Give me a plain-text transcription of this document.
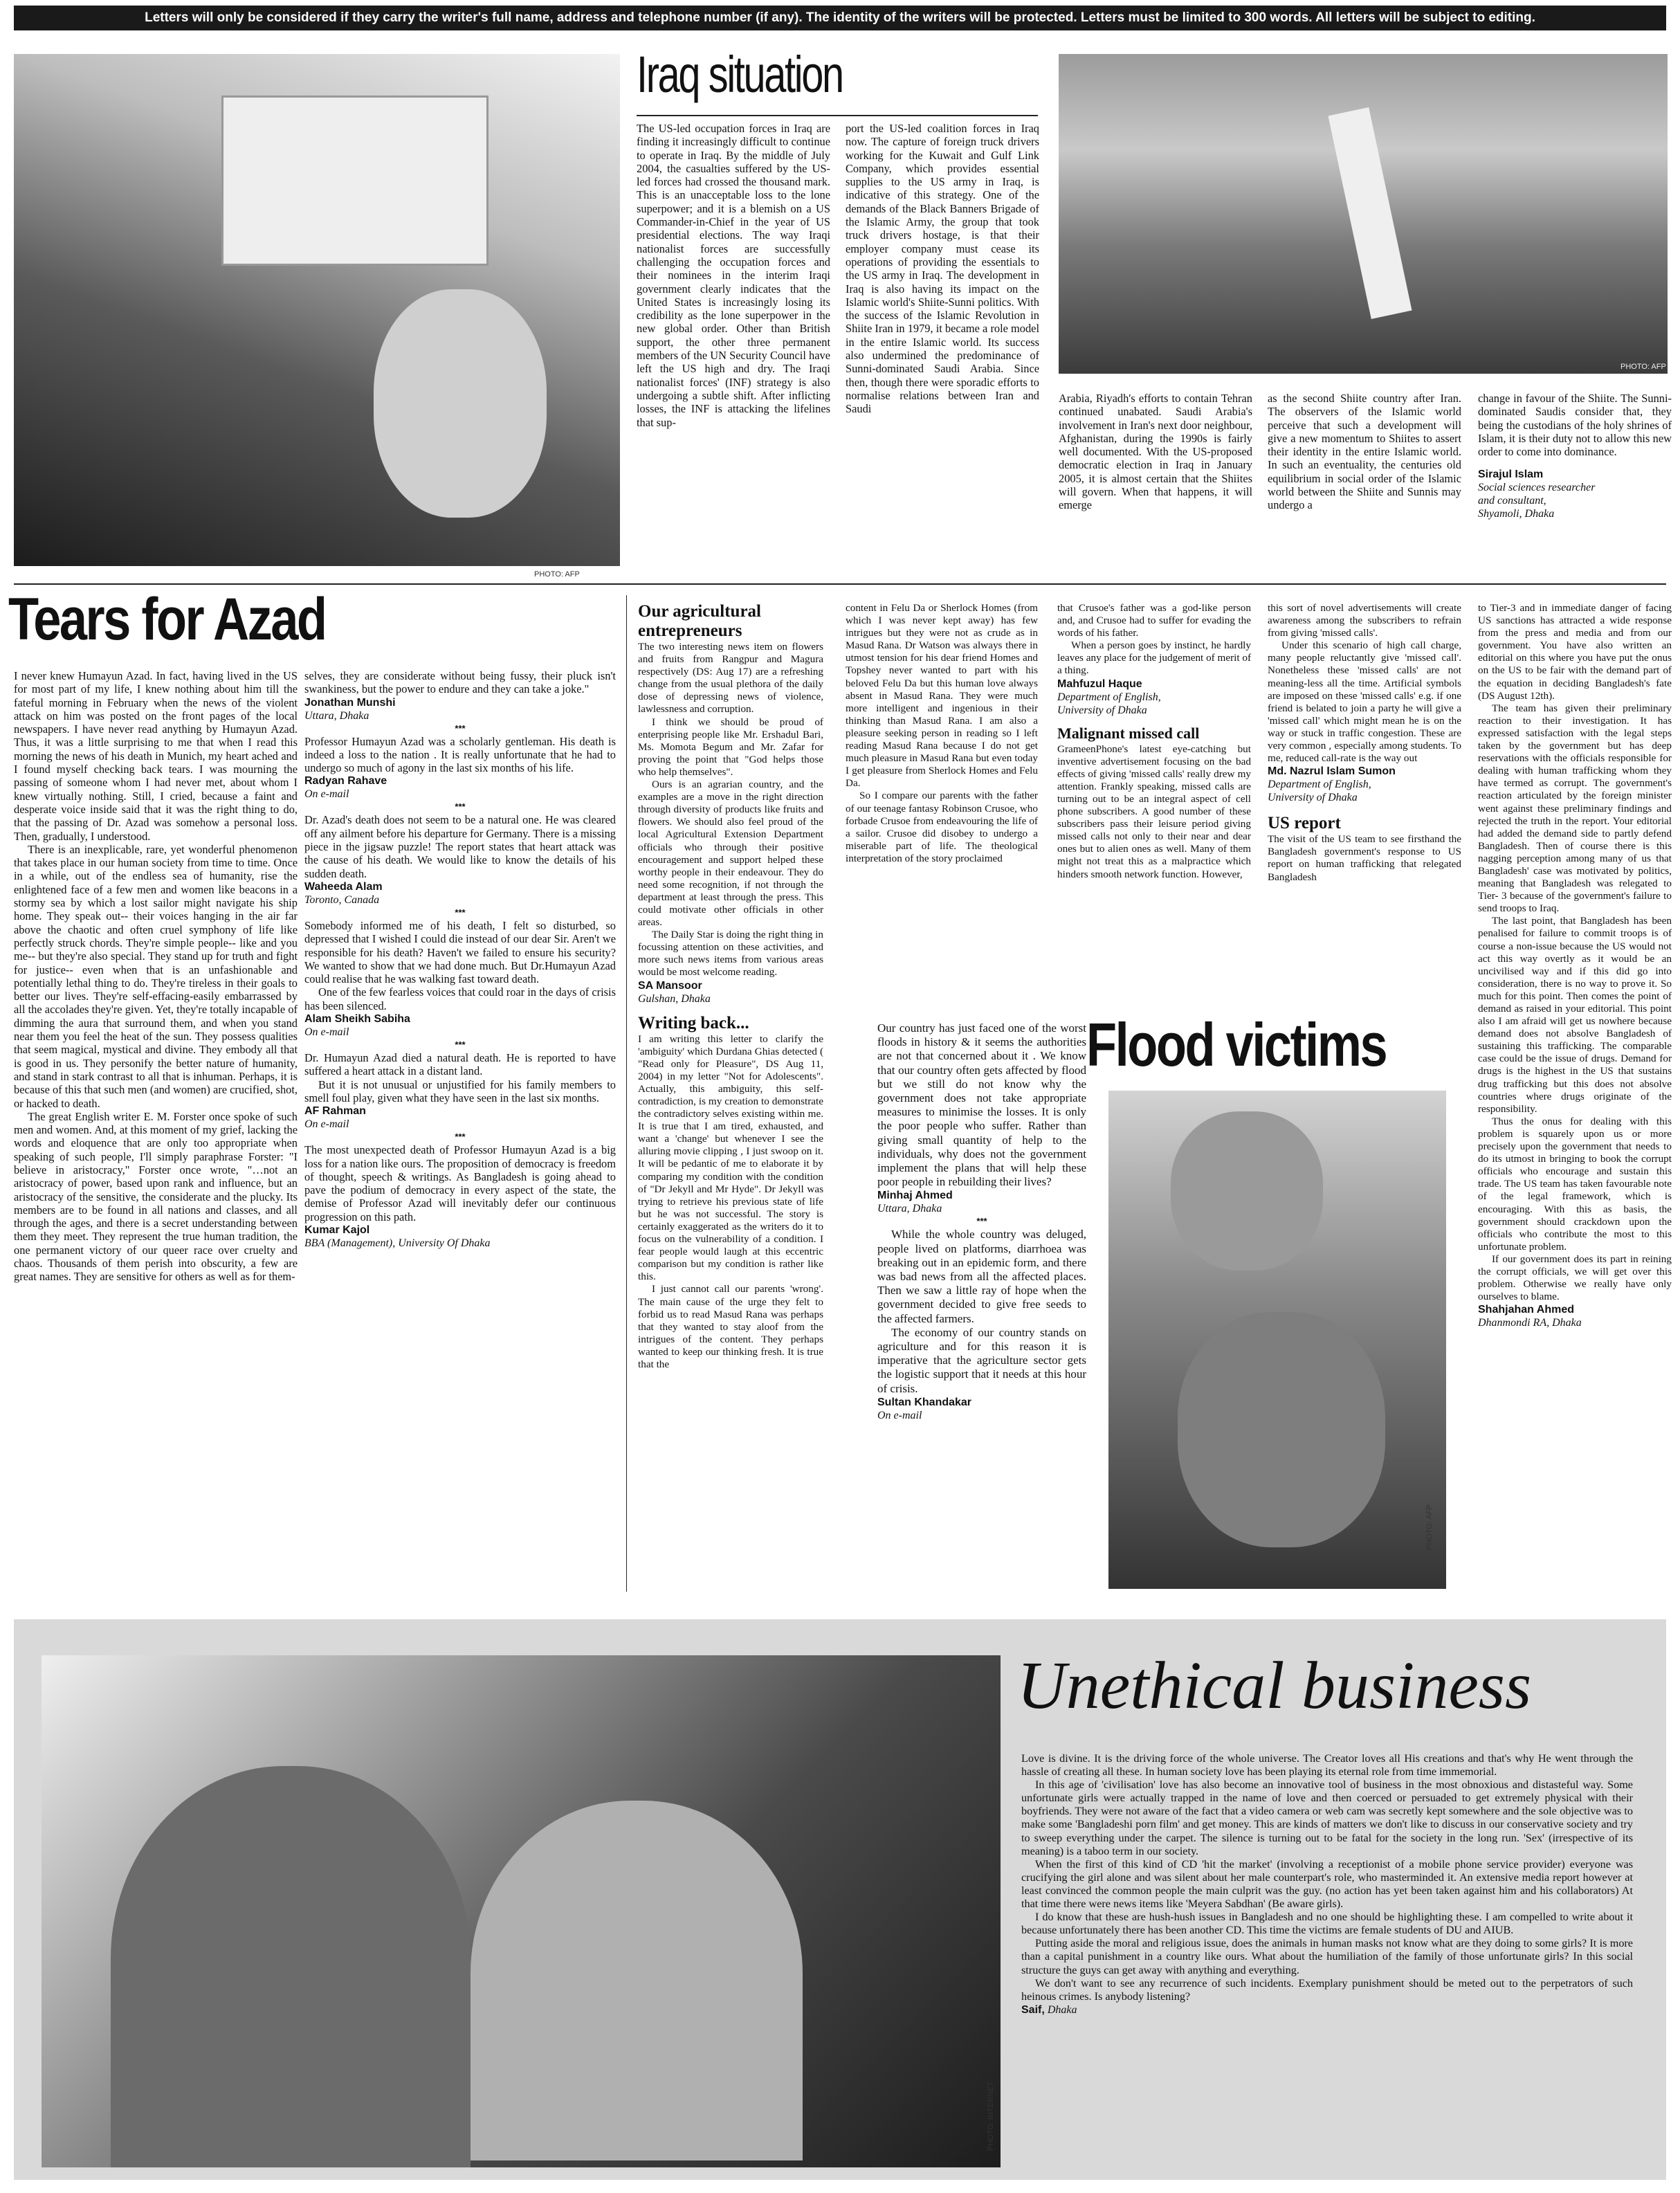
Letters will only be considered if they carry the writer's full name, address and telephone number (if any). The identity of the writers will be protected. Letters must be limited to 300 words. All letters will be subject to editing.
PHOTO: AFP
Iraq situation
PHOTO: AFP

The US-led occupation forces in Iraq are finding it increasingly difficult to continue to operate in Iraq. By the middle of July 2004, the casualties suffered by the US-led forces had crossed the thousand mark. This is an unacceptable loss to the lone superpower; and it is a blemish on a US Commander-in-Chief in the year of US presidential elections. The way Iraqi nationalist forces are successfully challenging the occupation forces and their nominees in the interim Iraqi government clearly indicates that the United States is increasingly losing its credibility as the lone superpower in the new global order. Other than British support, the other three permanent members of the UN Security Council have left the US high and dry. The Iraqi nationalist forces' (INF) strategy is also undergoing a subtle shift. After inflicting losses, the INF is attacking the lifelines that sup-

port the US-led coalition forces in Iraq now. The capture of foreign truck drivers working for the Kuwait and Gulf Link Company, which provides essential supplies to the US army in Iraq, is indicative of this strategy. One of the demands of the Black Banners Brigade of the Islamic Army, the group that took truck drivers hostage, is that their employer company must cease its operations of providing the essentials to the US army in Iraq. The development in Iraq is also having its impact on the Islamic world's Shiite-Sunni politics. With the success of the Islamic Revolution in Shiite Iran in 1979, it became a role model in the entire Islamic world. Its success also undermined the predominance of Sunni-dominated Saudi Arabia. Since then, though there were sporadic efforts to normalise relations between Iran and Saudi

Arabia, Riyadh's efforts to contain Tehran continued unabated. Saudi Arabia's involvement in Iran's next door neighbour, Afghanistan, during the 1990s is fairly well documented. With the US-proposed democratic election in Iraq in January 2005, it is almost certain that the Shiites will govern. When that happens, it will emerge

as the second Shiite country after Iran. The observers of the Islamic world perceive that such a development will give a new momentum to Shiites to assert their identity in the entire Islamic world. In such an eventuality, the centuries old equilibrium in social order of the Islamic world between the Shiite and Sunnis may undergo a

change in favour of the Shiite. The Sunni-dominated Saudis consider that, they being the custodians of the holy shrines of Islam, it is their duty not to allow this new order to come into dominance.

Sirajul Islam
Social sciences researcher
and consultant,
Shyamoli, Dhaka
Tears for Azad

I never knew Humayun Azad. In fact, having lived in the US for most part of my life, I knew nothing about him till the fateful morning in February when the news of the violent attack on him was posted on the front pages of the local newspapers. I have never read anything by Humayun Azad. Thus, it was a little surprising to me that when I read this morning the news of his death in Munich, my heart ached and I found myself checking back tears. I was mourning the passing of someone whom I had never met, about whom I knew virtually nothing. Still, I cried, because a faint and desperate voice inside said that it was the right thing to do, that the passing of Dr. Azad was somehow a personal loss. Then, gradually, I understood.

There is an inexplicable, rare, yet wonderful phenomenon that takes place in our human society from time to time. Once in a while, out of the endless sea of humanity, rise the enlightened face of a few men and women like beacons in a stormy sea by which a lost sailor might navigate his ship home. They speak out-- their voices hanging in the air far above the chaotic and often cruel symphony of life like perfectly struck chords. They're simple people-- like and you me-- but they're also special. They stand up for truth and fight for justice-- even when that is an unfashionable and potentially lethal thing to do. They're tireless in their goals to better our lives. They're self-effacing-easily embarrassed by all the accolades they're given. Yet, they're totally incapable of dimming the aura that surround them, and when you stand near them you feel the heat of the sun. They possess qualities that seem magical, mystical and divine. They embody all that is good in us. They personify the better nature of humanity, and stand in stark contrast to all that is inhuman. Perhaps, it is because of this that such men (and women) are crucified, shot, or hacked to death.

The great English writer E. M. Forster once spoke of such men and women. And, at this moment of my grief, lacking the words and eloquence that are only too appropriate when speaking of such people, I'll simply paraphrase Forster: "I believe in aristocracy," Forster once wrote, "…not an aristocracy of power, based upon rank and influence, but an aristocracy of the sensitive, the considerate and the plucky. Its members are to be found in all nations and classes, and all through the ages, and there is a secret understanding between them they meet. They represent the true human tradition, the one permanent victory of our queer race over cruelty and chaos. Thousands of them perish into obscurity, a few are great names. They are sensitive for others as well as for them-

selves, they are considerate without being fussy, their pluck isn't swankiness, but the power to endure and they can take a joke."

Jonathan Munshi
Uttara, Dhaka
***

Professor Humayun Azad was a scholarly gentleman. His death is indeed a loss to the nation . It is really unfortunate that he had to undergo so much of agony in the last six months of his life.

Radyan Rahave
On e-mail
***

Dr. Azad's death does not seem to be a natural one. He was cleared off any ailment before his departure for Germany. There is a missing piece in the jigsaw puzzle! The report states that heart attack was the cause of his death. We would like to know the details of his sudden death.

Waheeda Alam
Toronto, Canada
***

Somebody informed me of his death, I felt so disturbed, so depressed that I wished I could die instead of our dear Sir. Aren't we responsible for his death? Haven't we failed to ensure his security? We wanted to show that we had done much. But Dr.Humayun Azad could realise that he was walking fast toward death.

One of the few fearless voices that could roar in the days of crisis has been silenced.

Alam Sheikh Sabiha
On e-mail
***

Dr. Humayun Azad died a natural death. He is reported to have suffered a heart attack in a distant land.

But it is not unusual or unjustified for his family members to smell foul play, given what they have seen in the last six months.

AF Rahman
On e-mail
***

The most unexpected death of Professor Humayun Azad is a big loss for a nation like ours. The proposition of democracy is freedom of thought, speech & writings. As Bangladesh is going ahead to pave the podium of democracy in every aspect of the state, the demise of Professor Azad will inevitably defer our continuous progression on this path.

Kumar Kajol
BBA (Management), University Of Dhaka
Our agricultural
entrepreneurs

The two interesting news item on flowers and fruits from Rangpur and Magura respectively (DS: Aug 17) are a refreshing change from the usual plethora of the daily dose of depressing news of violence, lawlessness and corruption.

I think we should be proud of enterprising people like Mr. Ershadul Bari, Ms. Momota Begum and Mr. Zafar for proving the point that "God helps those who help themselves".

Ours is an agrarian country, and the examples are a move in the right direction through diversity of products like fruits and flowers. We should also feel proud of the local Agricultural Extension Department officials who through their positive encouragement and support helped these worthy people in their endeavour. They do need some recognition, if not through the department at least through the press. This could motivate other officials in other areas.

The Daily Star is doing the right thing in focussing attention on these activities, and more such news items from various areas would be most welcome reading.

SA Mansoor
Gulshan, Dhaka
Writing back...

I am writing this letter to clarify the 'ambiguity' which Durdana Ghias detected ( "Read only for Pleasure", DS Aug 11, 2004) in my letter "Not for Adolescents". Actually, this ambiguity, this self- contradiction, is my creation to demonstrate the contradictory selves existing within me. It is true that I am tired, exhausted, and want a 'change' but whenever I see the alluring movie clipping , I just swoop on it. It will be pedantic of me to elaborate it by comparing my condition with the condition of "Dr Jekyll and Mr Hyde". Dr Jekyll was trying to retrieve his previous state of life but he was not successful. The story is certainly exaggerated as the writers do it to focus on the vulnerability of a condition. I fear people would laugh at this eccentric comparison but my condition is rather like this.

I just cannot call our parents 'wrong'. The main cause of the urge they felt to forbid us to read Masud Rana was perhaps that they wanted to stay aloof from the intrigues of the content. They perhaps wanted to keep our thinking fresh. It is true that the

content in Felu Da or Sherlock Homes (from which I was never kept away) has few intrigues but they were not as crude as in Masud Rana. Dr Watson was always there in utmost tension for his dear friend Homes and Topshey never wanted to part with his beloved Felu Da but this human love always absent in Masud Rana. They were much more intelligent and ingenious in their thinking than Masud Rana. I am also a pleasure seeking person in reading so I left reading Masud Rana because I do not get much pleasure in Masud Rana but even today I get pleasure from Sherlock Homes and Felu Da.

So I compare our parents with the father of our teenage fantasy Robinson Crusoe, who forbade Crusoe from endeavouring the life of a sailor. Crusoe did disobey to undergo a miserable part of life. The theological interpretation of the story proclaimed

that Crusoe's father was a god-like person and, and Crusoe had to suffer for evading the words of his father.

When a person goes by instinct, he hardly leaves any place for the judgement of merit of a thing.

Mahfuzul Haque
Department of English,
University of Dhaka
Malignant missed call

GrameenPhone's latest eye-catching but inventive advertisement focusing on the bad effects of giving 'missed calls' really drew my attention. Frankly speaking, missed calls are turning out to be an integral aspect of cell phone subscribers. A good number of these subscribers pass their leisure period giving missed calls not only to their near and dear ones but to alien ones as well. Many of them might not treat this as a malpractice which hinders smooth network function. However,

this sort of novel advertisements will create awareness among the subscribers to refrain from giving 'missed calls'.

Under this scenario of high call charge, many people reluctantly give 'missed call'. Nonetheless these 'missed calls' are not meaning-less all the time. Artificial symbols are imposed on these 'missed calls' e.g. if one friend is belated to join a party he will give a 'missed call' which might mean he is on the way or stuck in traffic congestion. These are very common , especially among students. To me, reduced call-rate is the way out

Md. Nazrul Islam Sumon
Department of English,
University of Dhaka
US report

The visit of the US team to see firsthand the Bangladesh government's response to US report on human trafficking that relegated Bangladesh

to Tier-3 and in immediate danger of facing US sanctions has attracted a wide response from the press and media and from our government. You have also written an editorial on this where you have put the onus on the US to be fair with the demand part of the equation in deciding Bangladesh's fate (DS August 12th).

The team has given their preliminary reaction to their investigation. It has expressed satisfaction with the legal steps taken by the government but has deep reservations with the officials responsible for dealing with human trafficking whom they have termed as corrupt. The government's reaction articulated by the foreign minister went against these preliminary findings and rejected the truth in the report. Your editorial had added the demand side to partly defend Bangladesh. Then of course there is this nagging perception among many of us that Bangladesh' case was motivated by politics, meaning that Bangladesh was relegated to Tier- 3 because of the government's failure to send troops to Iraq.

The last point, that Bangladesh has been penalised for failure to commit troops is of course a non-issue because the US would not act this way overtly as it would be an uncivilised way and if this did go into consideration, there is no way to prove it. So much for this point. Then comes the point of demand as raised in your editorial. This point also I am afraid will get us nowhere because demand does not absolve Bangladesh of sustaining this trafficking. The comparable case could be the issue of drugs. Demand for drugs is the highest in the US that sustains drug trafficking but this does not absolve countries where drugs originate of the responsibility.

Thus the onus for dealing with this problem is squarely upon us or more precisely upon the government that needs to do its utmost in bringing to book the corrupt officials who encourage and sustain this trade. The US team has taken favourable note of the legal framework, which is encouraging. With this as basis, the government should crackdown upon the officials who contribute the most to this unfortunate problem.

If our government does its part in reining the corrupt officials, we will get over this problem. Otherwise we really have only ourselves to blame.

Shahjahan Ahmed
Dhanmondi RA, Dhaka

Our country has just faced one of the worst floods in history & it seems the authorities are not that concerned about it . We know that our country often gets affected by flood but we still do not know why the government does not take appropriate measures to minimise the losses. It is only the poor people who suffer. Rather than giving small quantity of help to the individuals, why does not the government implement the plans that will help these poor people in rebuilding their lives?

Minhaj Ahmed
Uttara, Dhaka
***

While the whole country was deluged, people lived on platforms, diarrhoea was breaking out in an epidemic form, and there was bad news from all the affected places. Then we saw a little ray of hope when the government decided to give free seeds to the affected farmers.

The economy of our country stands on agriculture and for this reason it is imperative that the agriculture sector gets the logistic support that it needs at this hour of crisis.

Sultan Khandakar
On e-mail
Flood victims
PHOTO: AFP
PHOTO: INTERNET
Unethical business

Love is divine. It is the driving force of the whole universe. The Creator loves all His creations and that's why He went through the hassle of creating all these. In human society love has been playing its eternal role from time immemorial.

In this age of 'civilisation' love has also become an innovative tool of business in the most obnoxious and distasteful way. Some unfortunate girls were actually trapped in the name of love and then coerced or persuaded to get extremely physical with their boyfriends. They were not aware of the fact that a video camera or web cam was secretly kept somewhere and the sole objective was to make some 'Bangladeshi porn film' and get money. This are kinds of matters we don't like to discuss in our conservative society and try to sweep everything under the carpet. The silence is turning out to be fatal for the society in the long run. 'Sex' (irrespective of its meaning) is a taboo term in our society.

When the first of this kind of CD 'hit the market' (involving a receptionist of a mobile phone service provider) everyone was crucifying the girl alone and was silent about her male counterpart's role, who masterminded it. An extensive media report however at least convinced the common people the main culprit was the guy. (no action has yet been taken against him and his collaborators) At that time there were news items like 'Meyera Sabdhan' (Be aware girls).

I do know that these are hush-hush issues in Bangladesh and no one should be highlighting these. I am compelled to write about it because unfortunately there has been another CD. This time the victims are female students of DU and AIUB.

Putting aside the moral and religious issue, does the animals in human masks not know what are they doing to some girls? It is more than a capital punishment in a country like ours. What about the humiliation of the family of those unfortunate girls? In this social structure the guys can get away with anything and everything.

We don't want to see any recurrence of such incidents. Exemplary punishment should be meted out to the perpetrators of such heinous crimes. Is anybody listening?

Saif, Dhaka
